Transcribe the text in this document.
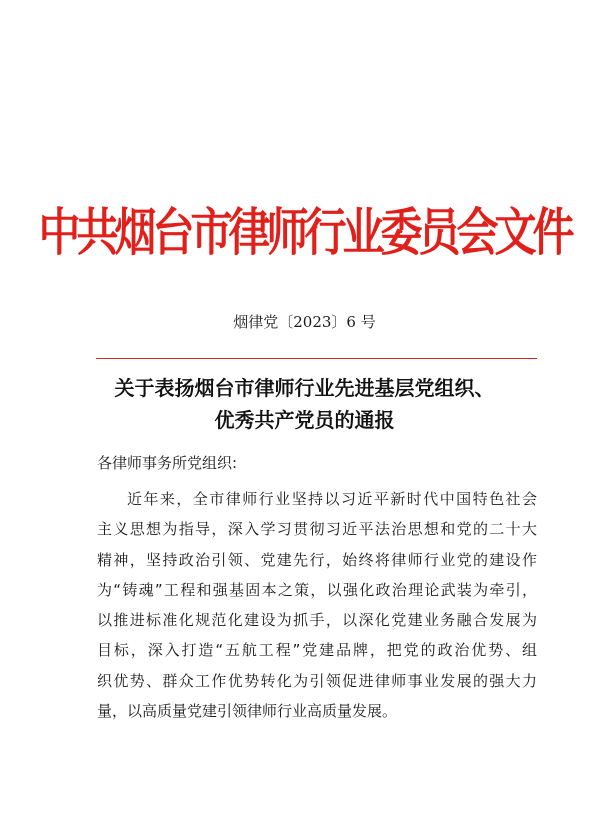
中共烟台市律师行业委员会文件
烟律党〔2023〕6 号
关于表扬烟台市律师行业先进基层党组织、
优秀共产党员的通报
各律师事务所党组织:
近年来，全市律师行业坚持以习近平新时代中国特色社会
主义思想为指导，深入学习贯彻习近平法治思想和党的二十大
精神，坚持政治引领、党建先行，始终将律师行业党的建设作
为“铸魂”工程和强基固本之策，以强化政治理论武装为牵引，
以推进标准化规范化建设为抓手，以深化党建业务融合发展为
目标，深入打造“五航工程”党建品牌，把党的政治优势、组
织优势、群众工作优势转化为引领促进律师事业发展的强大力
量，以高质量党建引领律师行业高质量发展。
